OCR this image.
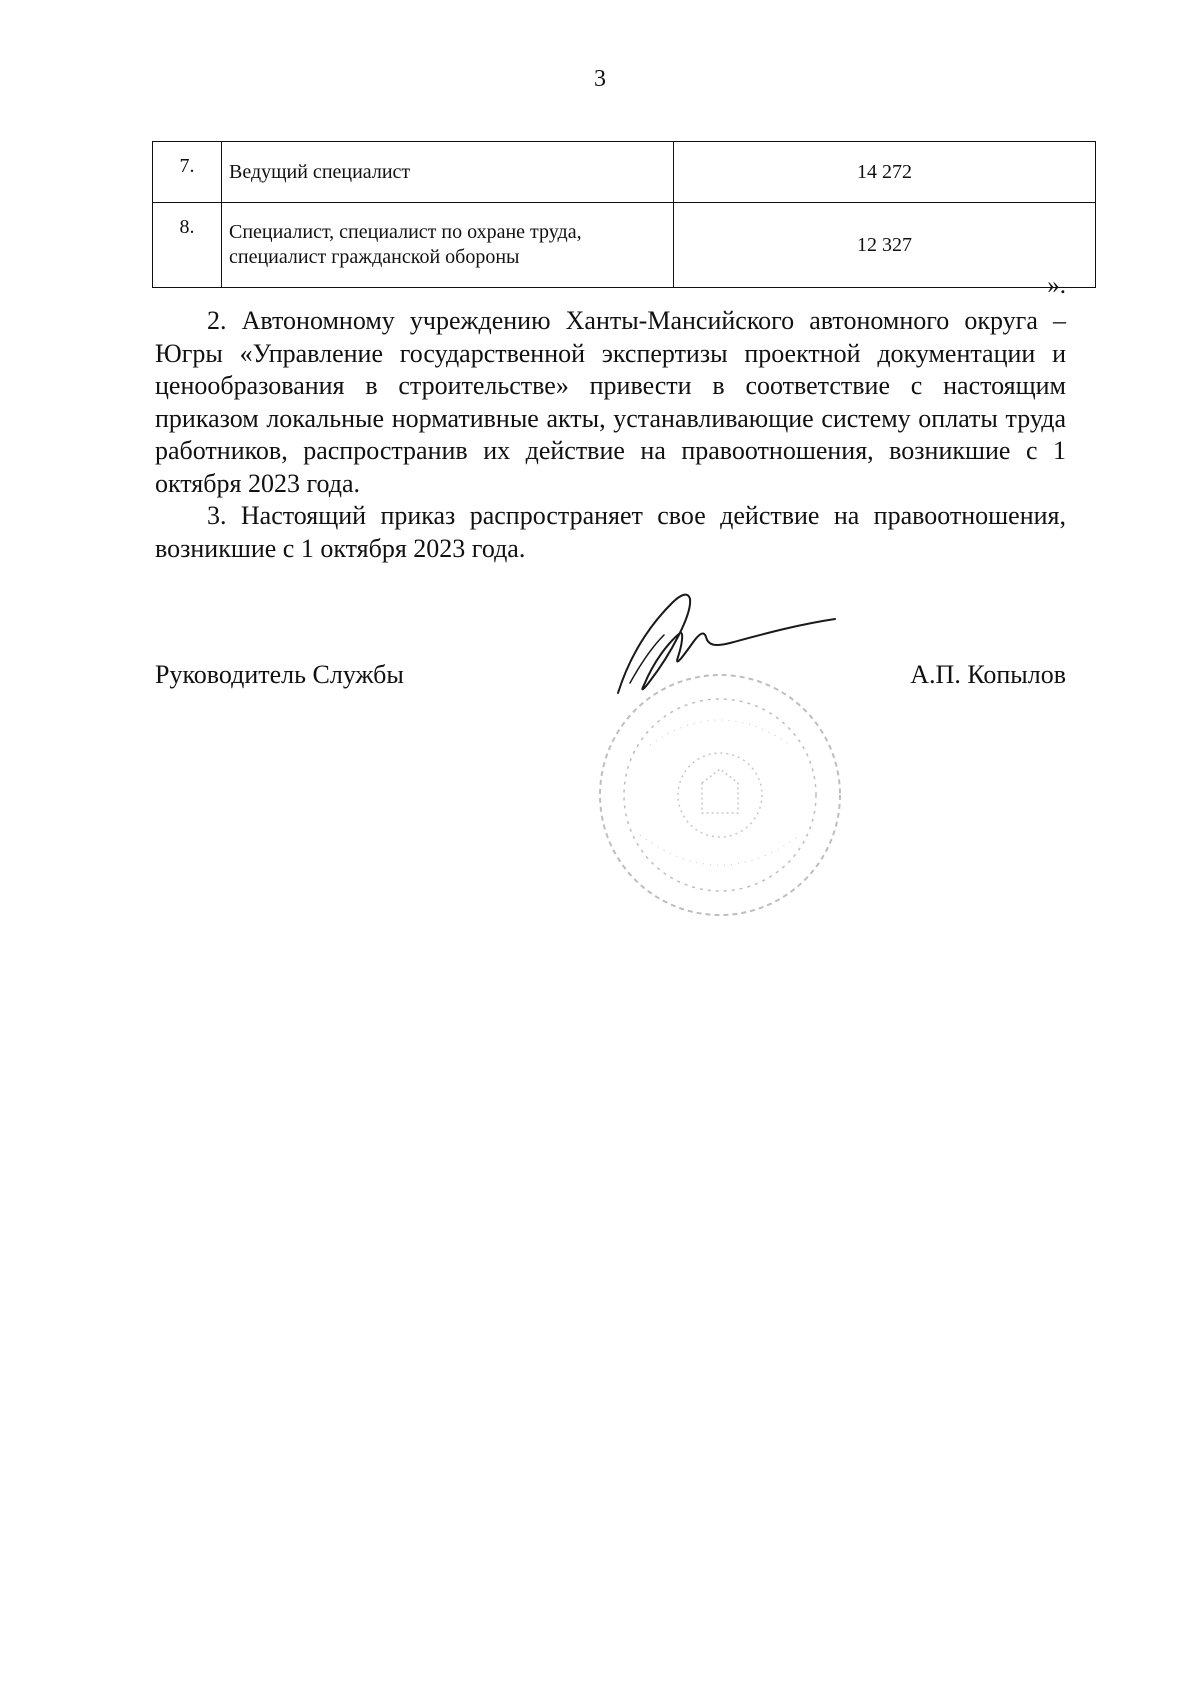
3
7.	Ведущий специалист	14 272
8.	Специалист, специалист по охране труда, специалист гражданской обороны	12 327
».

2. Автономному учреждению Ханты-Мансийского автономного округа – Югры «Управление государственной экспертизы проектной документации и ценообразования в строительстве» привести в соответствие с настоящим приказом локальные нормативные акты, устанавливающие систему оплаты труда работников, распространив их действие на правоотношения, возникшие с 1 октября 2023 года.

3. Настоящий приказ распространяет свое действие на правоотношения, возникшие с 1 октября 2023 года.

Руководитель Службы	А.П. Копылов
